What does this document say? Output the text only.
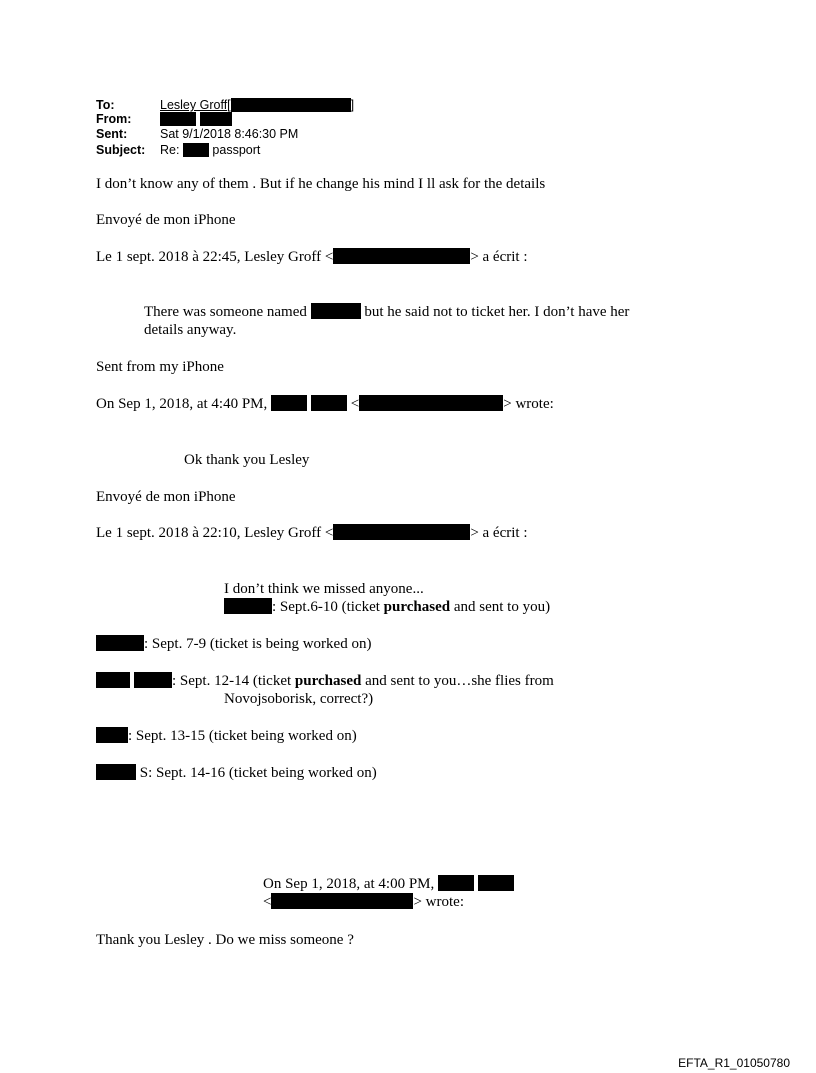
To:	Lesley Groff[	]
From:
Sent:	Sat 9/1/2018 8:46:30 PM
Subject: Re:	passport
I don’t know any of them . But if he change his mind I ll ask for the details
Envoyé de mon iPhone
Le 1 sept. 2018 à 22:45, Lesley Groff <	> a écrit :
There was someone named	but he said not to ticket her. I don’t have her
details anyway.
Sent from my iPhone
On Sep 1, 2018, at 4:40 PM,	<	> wrote:
Ok thank you Lesley
Envoyé de mon iPhone
Le 1 sept. 2018 à 22:10, Lesley Groff <	> a écrit :
I don’t think we missed anyone...
: Sept.6-10 (ticket purchased and sent to you)
: Sept. 7-9 (ticket is being worked on)
: Sept. 12-14 (ticket purchased and sent to you…she flies from
Novojsoborisk, correct?)
: Sept. 13-15 (ticket being worked on)
S: Sept. 14-16 (ticket being worked on)
On Sep 1, 2018, at 4:00 PM,
<	> wrote:
Thank you Lesley . Do we miss someone ?
EFTA_R1_01050780
